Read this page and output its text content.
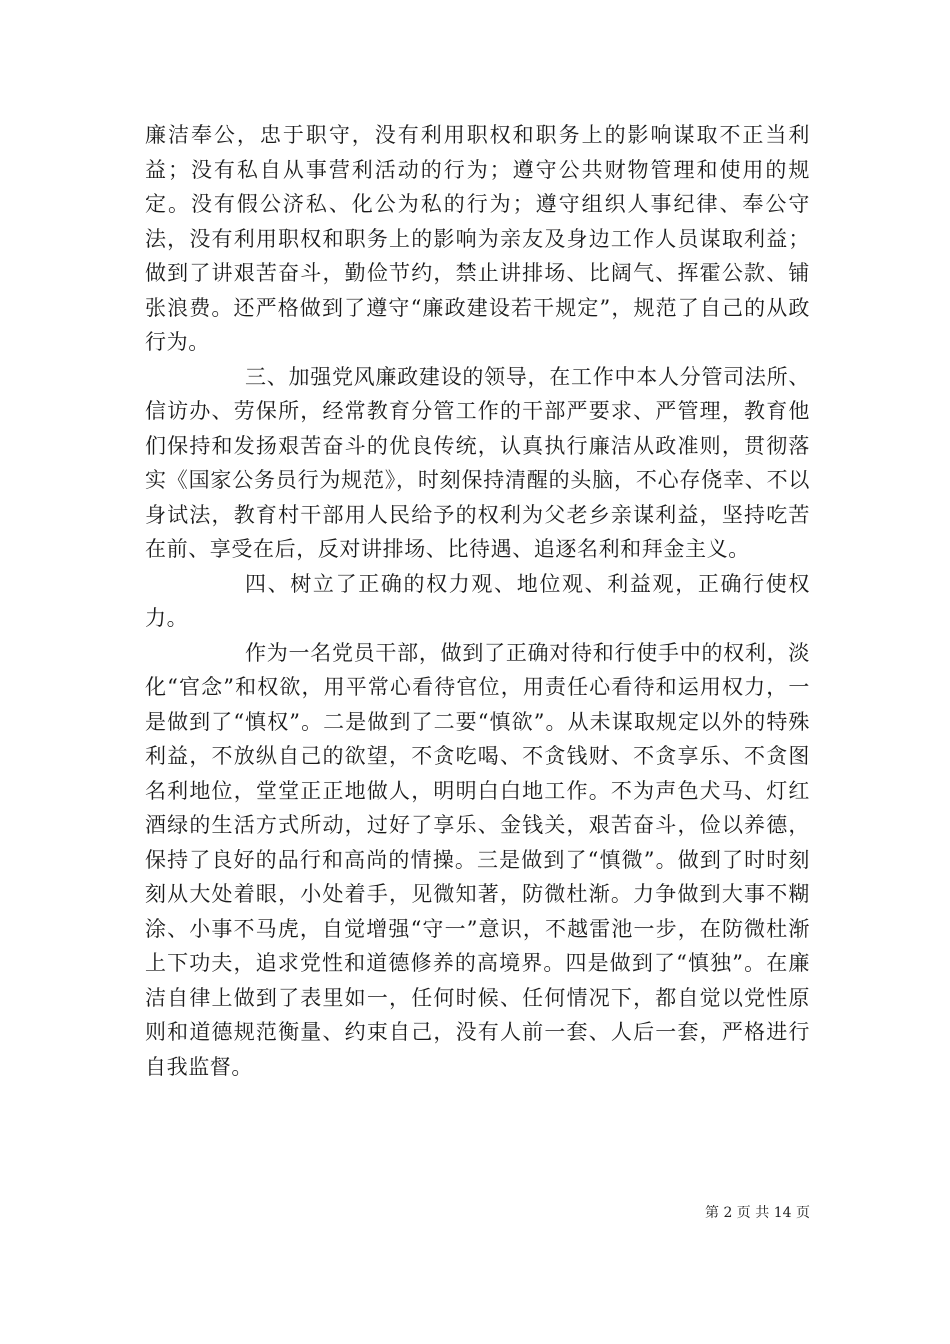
廉洁奉公，忠于职守，没有利用职权和职务上的影响谋取不正当利益；没有私自从事营利活动的行为；遵守公共财物管理和使用的规定。没有假公济私、化公为私的行为；遵守组织人事纪律、奉公守法，没有利用职权和职务上的影响为亲友及身边工作人员谋取利益；做到了讲艰苦奋斗，勤俭节约，禁止讲排场、比阔气、挥霍公款、铺张浪费。还严格做到了遵守“廉政建设若干规定”，规范了自己的从政行为。

三、加强党风廉政建设的领导，在工作中本人分管司法所、信访办、劳保所，经常教育分管工作的干部严要求、严管理，教育他们保持和发扬艰苦奋斗的优良传统，认真执行廉洁从政准则，贯彻落实《国家公务员行为规范》，时刻保持清醒的头脑，不心存侥幸、不以身试法，教育村干部用人民给予的权利为父老乡亲谋利益，坚持吃苦在前、享受在后，反对讲排场、比待遇、追逐名利和拜金主义。

四、树立了正确的权力观、地位观、利益观，正确行使权力。

作为一名党员干部，做到了正确对待和行使手中的权利，淡化“官念”和权欲，用平常心看待官位，用责任心看待和运用权力，一是做到了“慎权”。二是做到了二要“慎欲”。从未谋取规定以外的特殊利益，不放纵自己的欲望，不贪吃喝、不贪钱财、不贪享乐、不贪图名利地位，堂堂正正地做人，明明白白地工作。不为声色犬马、灯红酒绿的生活方式所动，过好了享乐、金钱关，艰苦奋斗，俭以养德，保持了良好的品行和高尚的情操。三是做到了“慎微”。做到了时时刻刻从大处着眼，小处着手，见微知著，防微杜渐。力争做到大事不糊涂、小事不马虎，自觉增强“守一”意识，不越雷池一步，在防微杜渐上下功夫，追求党性和道德修养的高境界。四是做到了“慎独”。在廉洁自律上做到了表里如一，任何时候、任何情况下，都自觉以党性原则和道德规范衡量、约束自己，没有人前一套、人后一套，严格进行自我监督。

第 2 页 共 14 页
